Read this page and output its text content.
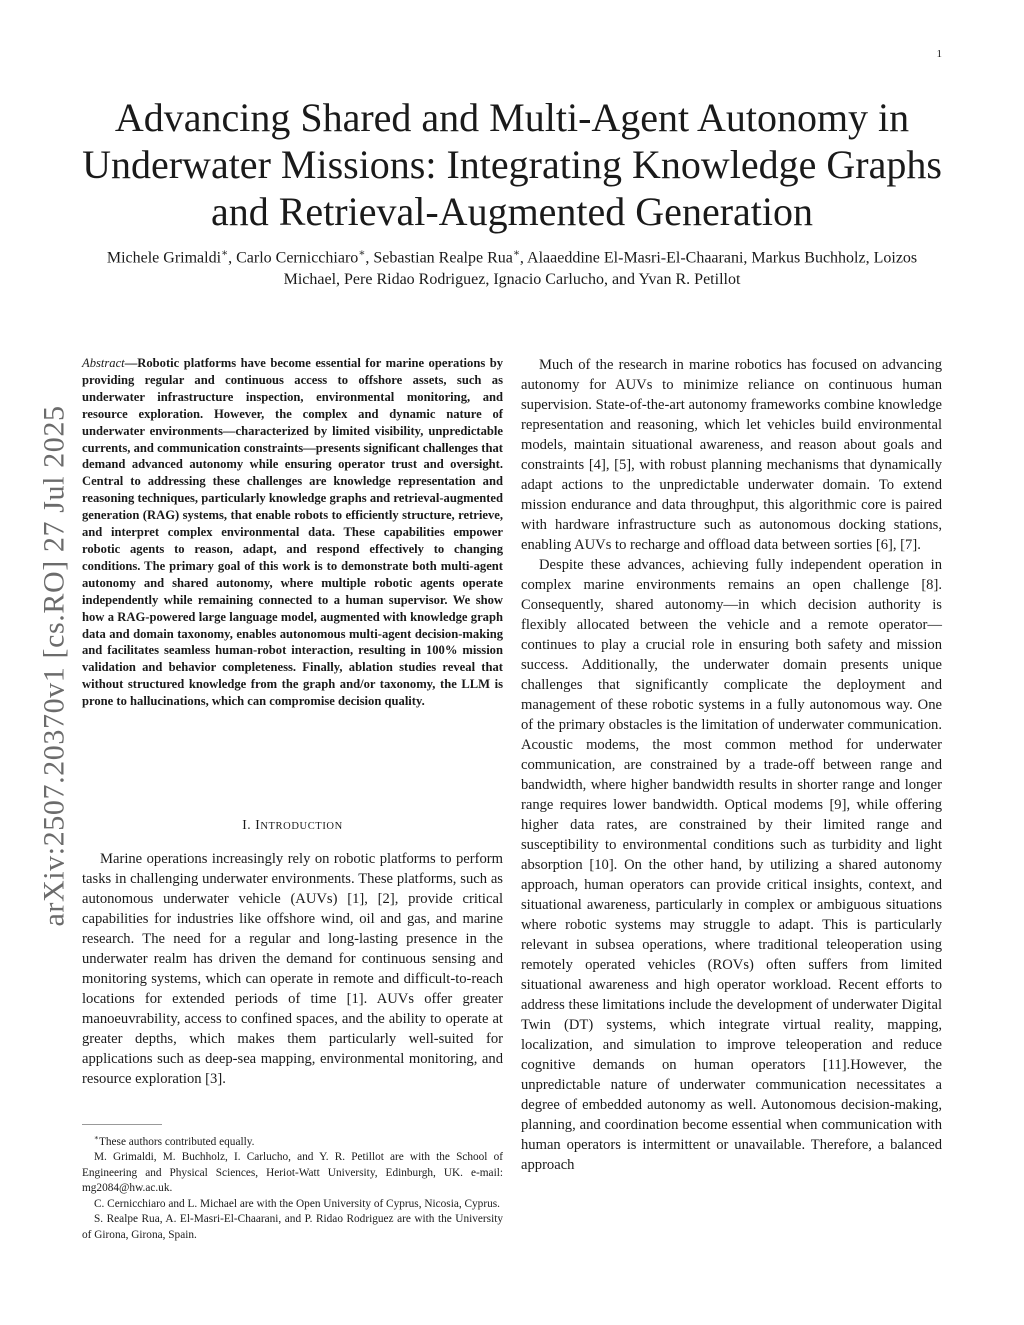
1
arXiv:2507.20370v1 [cs.RO] 27 Jul 2025
Advancing Shared and Multi-Agent Autonomy in Underwater Missions: Integrating Knowledge Graphs and Retrieval-Augmented Generation

Michele Grimaldi∗, Carlo Cernicchiaro∗, Sebastian Realpe Rua∗, Alaaeddine El-Masri-El-Chaarani, Markus Buchholz, Loizos Michael, Pere Ridao Rodriguez, Ignacio Carlucho, and Yvan R. Petillot

Abstract—Robotic platforms have become essential for marine operations by providing regular and continuous access to offshore assets, such as underwater infrastructure inspection, environmental monitoring, and resource exploration. However, the complex and dynamic nature of underwater environments—characterized by limited visibility, unpredictable currents, and communication constraints—presents significant challenges that demand advanced autonomy while ensuring operator trust and oversight. Central to addressing these challenges are knowledge representation and reasoning techniques, particularly knowledge graphs and retrieval-augmented generation (RAG) systems, that enable robots to efficiently structure, retrieve, and interpret complex environmental data. These capabilities empower robotic agents to reason, adapt, and respond effectively to changing conditions. The primary goal of this work is to demonstrate both multi-agent autonomy and shared autonomy, where multiple robotic agents operate independently while remaining connected to a human supervisor. We show how a RAG-powered large language model, augmented with knowledge graph data and domain taxonomy, enables autonomous multi-agent decision-making and facilitates seamless human-robot interaction, resulting in 100% mission validation and behavior completeness. Finally, ablation studies reveal that without structured knowledge from the graph and/or taxonomy, the LLM is prone to hallucinations, which can compromise decision quality.

I. INTRODUCTION

Marine operations increasingly rely on robotic platforms to perform tasks in challenging underwater environments. These platforms, such as autonomous underwater vehicle (AUVs) [1], [2], provide critical capabilities for industries like offshore wind, oil and gas, and marine research. The need for a regular and long-lasting presence in the underwater realm has driven the demand for continuous sensing and monitoring systems, which can operate in remote and difficult-to-reach locations for extended periods of time [1]. AUVs offer greater manoeuvrability, access to confined spaces, and the ability to operate at greater depths, which makes them particularly well-suited for applications such as deep-sea mapping, environmental monitoring, and resource exploration [3].

∗These authors contributed equally.

M. Grimaldi, M. Buchholz, I. Carlucho, and Y. R. Petillot are with the School of Engineering and Physical Sciences, Heriot-Watt University, Edinburgh, UK. e-mail: mg2084@hw.ac.uk.

C. Cernicchiaro and L. Michael are with the Open University of Cyprus, Nicosia, Cyprus.

S. Realpe Rua, A. El-Masri-El-Chaarani, and P. Ridao Rodriguez are with the University of Girona, Girona, Spain.

Much of the research in marine robotics has focused on advancing autonomy for AUVs to minimize reliance on continuous human supervision. State-of-the-art autonomy frameworks combine knowledge representation and reasoning, which let vehicles build environmental models, maintain situational awareness, and reason about goals and constraints [4], [5], with robust planning mechanisms that dynamically adapt actions to the unpredictable underwater domain. To extend mission endurance and data throughput, this algorithmic core is paired with hardware infrastructure such as autonomous docking stations, enabling AUVs to recharge and offload data between sorties [6], [7].

Despite these advances, achieving fully independent operation in complex marine environments remains an open challenge [8]. Consequently, shared autonomy—in which decision authority is flexibly allocated between the vehicle and a remote operator—continues to play a crucial role in ensuring both safety and mission success. Additionally, the underwater domain presents unique challenges that significantly complicate the deployment and management of these robotic systems in a fully autonomous way. One of the primary obstacles is the limitation of underwater communication. Acoustic modems, the most common method for underwater communication, are constrained by a trade-off between range and bandwidth, where higher bandwidth results in shorter range and longer range requires lower bandwidth. Optical modems [9], while offering higher data rates, are constrained by their limited range and susceptibility to environmental conditions such as turbidity and light absorption [10]. On the other hand, by utilizing a shared autonomy approach, human operators can provide critical insights, context, and situational awareness, particularly in complex or ambiguous situations where robotic systems may struggle to adapt. This is particularly relevant in subsea operations, where traditional teleoperation using remotely operated vehicles (ROVs) often suffers from limited situational awareness and high operator workload. Recent efforts to address these limitations include the development of underwater Digital Twin (DT) systems, which integrate virtual reality, mapping, localization, and simulation to improve teleoperation and reduce cognitive demands on human operators [11].However, the unpredictable nature of underwater communication necessitates a degree of embedded autonomy as well. Autonomous decision-making, planning, and coordination become essential when communication with human operators is intermittent or unavailable. Therefore, a balanced approach
